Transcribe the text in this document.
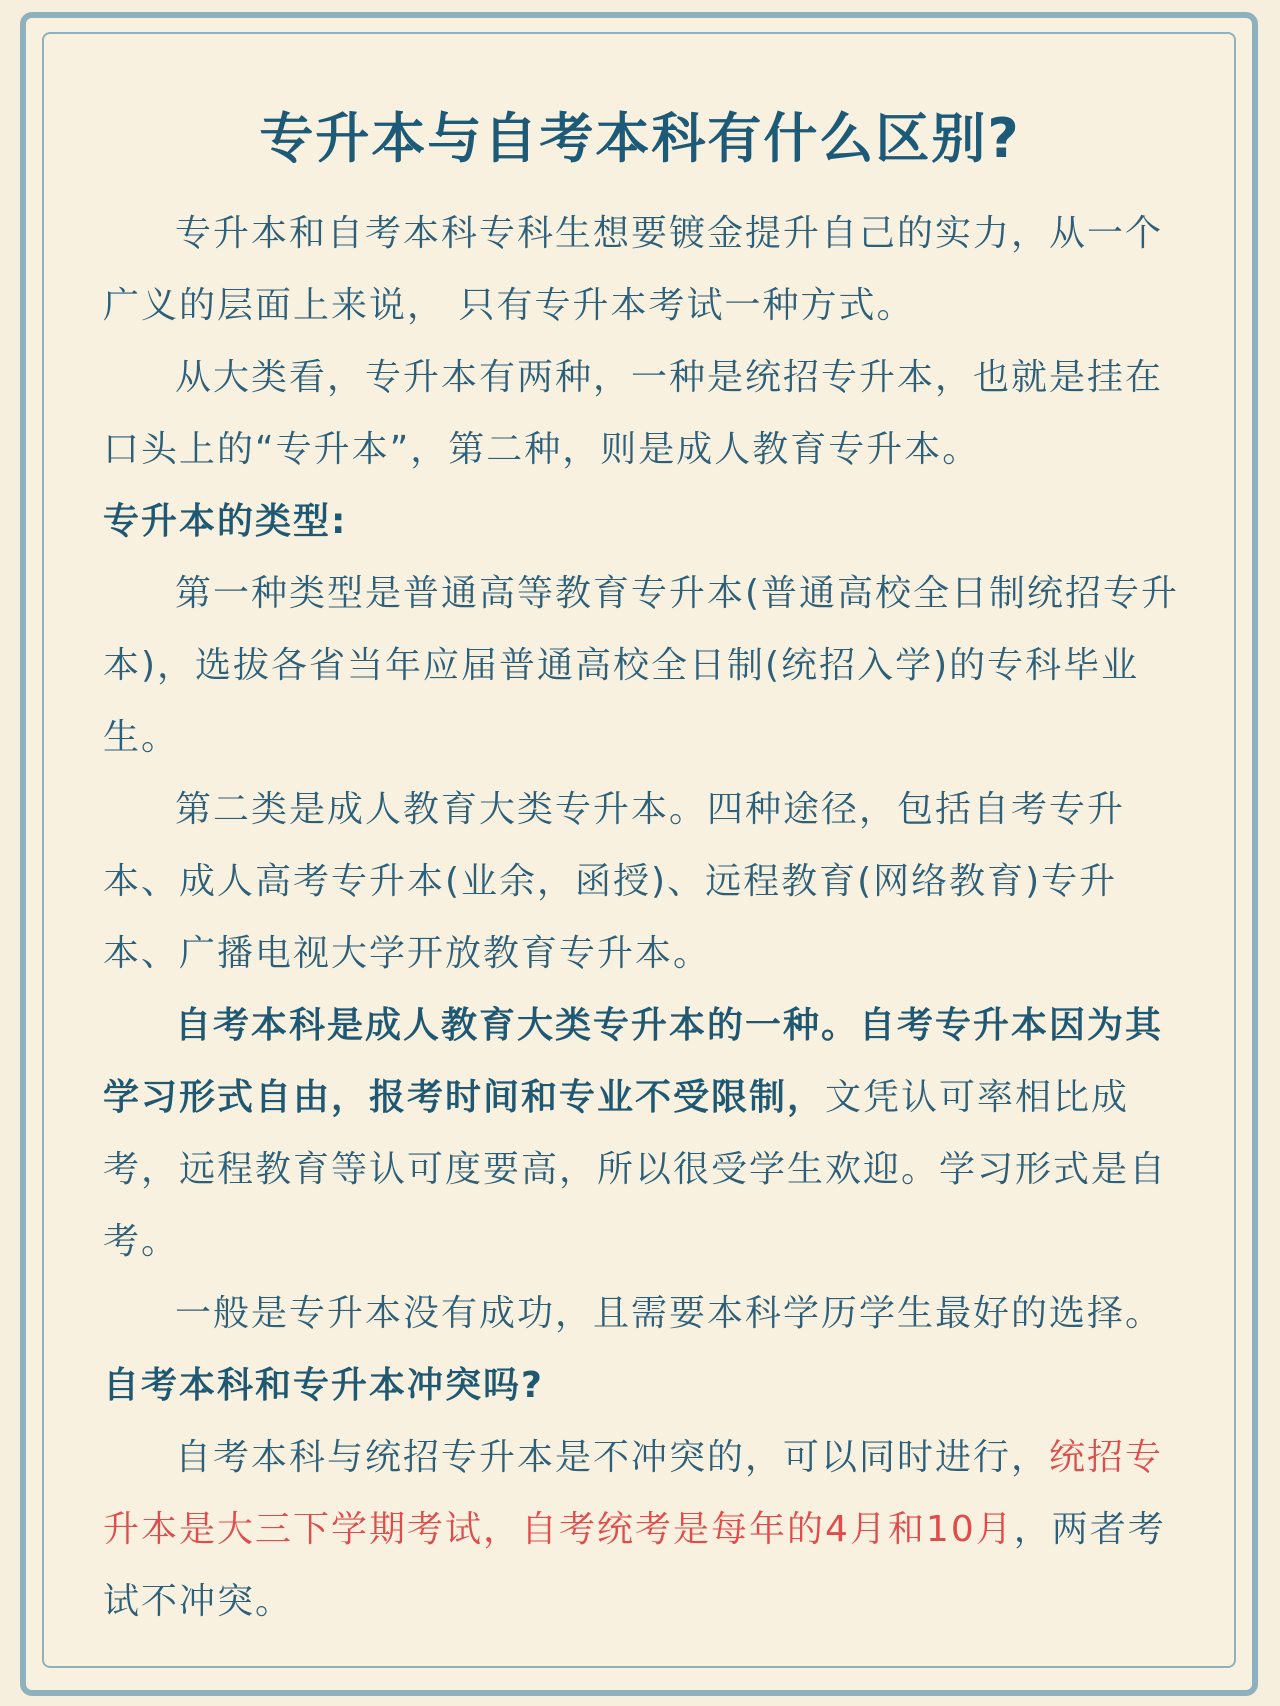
专升本与自考本科有什么区别?

专升本和自考本科专科生想要镀金提升自己的实力，从一个广义的层面上来说， 只有专升本考试一种方式。

从大类看，专升本有两种，一种是统招专升本，也就是挂在口头上的“专升本”，第二种，则是成人教育专升本。

专升本的类型:

第一种类型是普通高等教育专升本(普通高校全日制统招专升本)，选拔各省当年应届普通高校全日制(统招入学)的专科毕业生。

第二类是成人教育大类专升本。四种途径，包括自考专升本、成人高考专升本(业余，函授)、远程教育(网络教育)专升本、广播电视大学开放教育专升本。

自考本科是成人教育大类专升本的一种。自考专升本因为其学习形式自由，报考时间和专业不受限制，文凭认可率相比成考，远程教育等认可度要高，所以很受学生欢迎。学习形式是自考。

一般是专升本没有成功，且需要本科学历学生最好的选择。

自考本科和专升本冲突吗?

自考本科与统招专升本是不冲突的，可以同时进行，统招专升本是大三下学期考试，自考统考是每年的4月和10月，两者考试不冲突。
